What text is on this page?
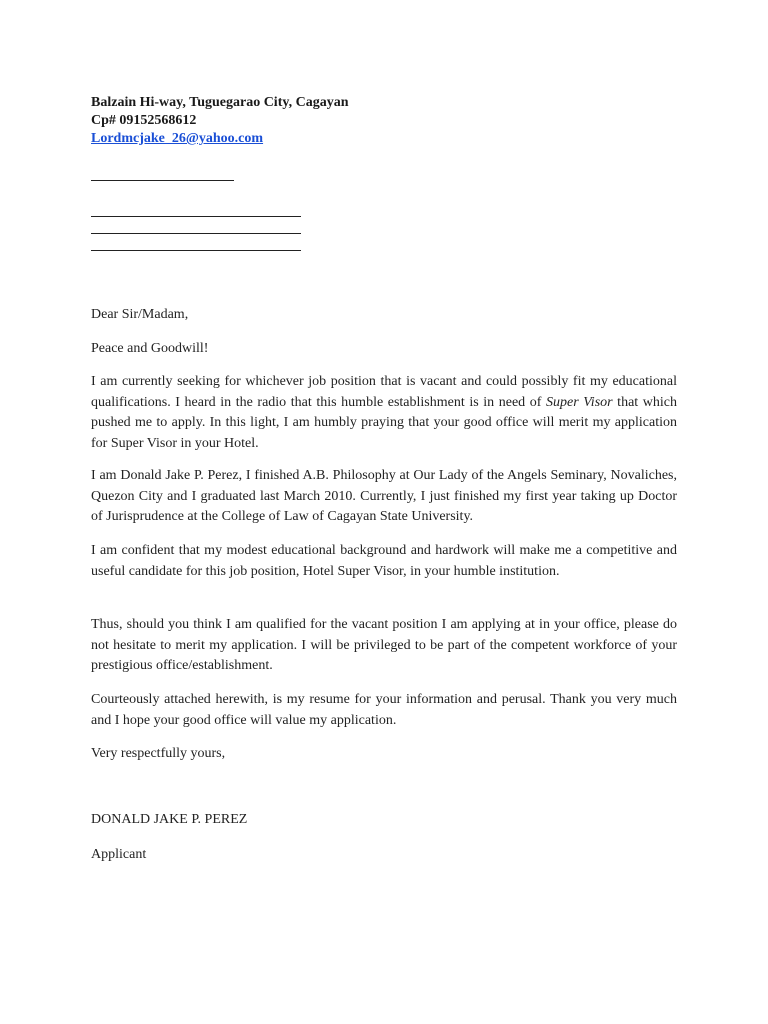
Balzain Hi-way, Tuguegarao City, Cagayan
Cp# 09152568612
Lordmcjake_26@yahoo.com
Dear Sir/Madam,
Peace and Goodwill!
I am currently seeking for whichever job position that is vacant and could possibly fit my educational qualifications. I heard in the radio that this humble establishment is in need of Super Visor that which pushed me to apply. In this light, I am humbly praying that your good office will merit my application for Super Visor in your Hotel.
I am Donald Jake P. Perez, I finished A.B. Philosophy at Our Lady of the Angels Seminary, Novaliches, Quezon City and I graduated last March 2010. Currently, I just finished my first year taking up Doctor of Jurisprudence at the College of Law of Cagayan State University.
I am confident that my modest educational background and hardwork will make me a competitive and useful candidate for this job position, Hotel Super Visor, in your humble institution.
Thus, should you think I am qualified for the vacant position I am applying at in your office, please do not hesitate to merit my application. I will be privileged to be part of the competent workforce of your prestigious office/establishment.
Courteously attached herewith, is my resume for your information and perusal. Thank you very much and I hope your good office will value my application.
Very respectfully yours,
DONALD JAKE P. PEREZ
Applicant
